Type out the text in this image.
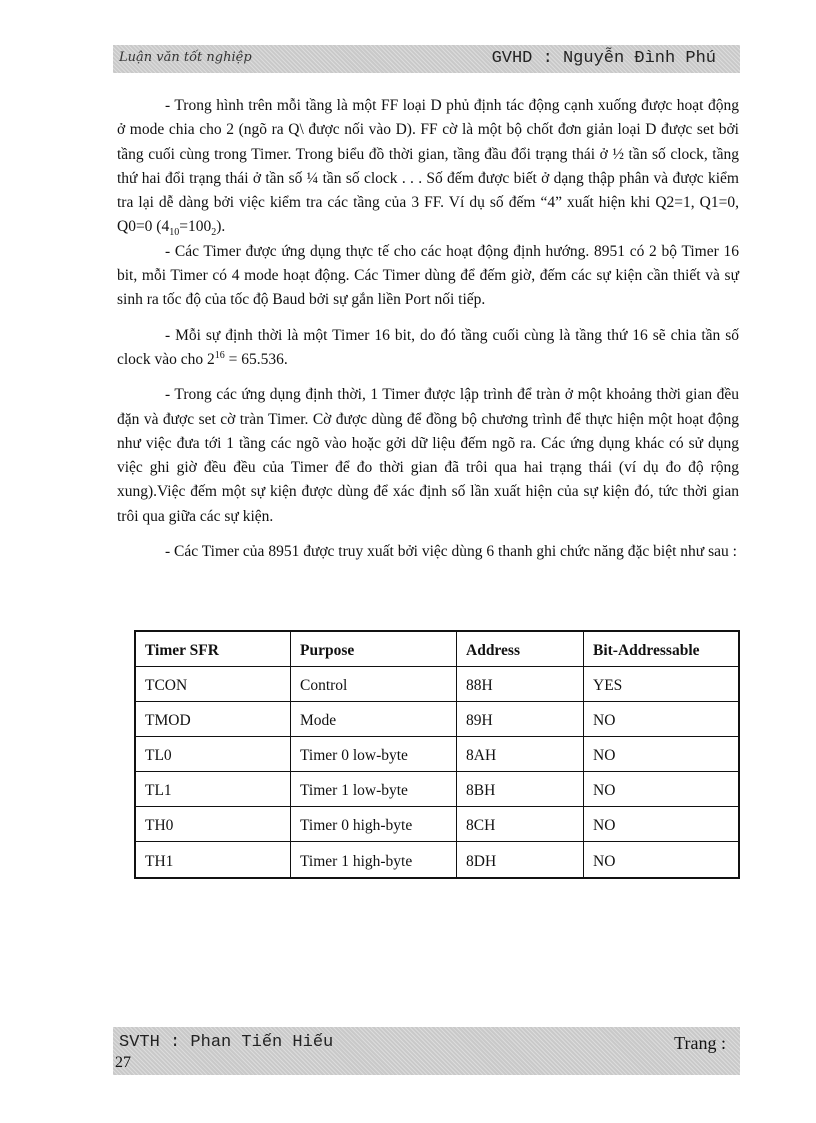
Luận văn tốt nghiệp	GVHD : Nguyễn Đình Phú

- Trong hình trên mỗi tầng là một FF loại D phủ định tác động cạnh xuống được hoạt động ở mode chia cho 2 (ngõ ra Q\ được nối vào D). FF cờ là một bộ chốt đơn giản loại D được set bởi tầng cuối cùng trong Timer. Trong biểu đồ thời gian, tầng đầu đổi trạng thái ở ½ tần số clock, tầng thứ hai đổi trạng thái ở tần số ¼ tần số clock . . . Số đếm được biết ở dạng thập phân và được kiểm tra lại dễ dàng bởi việc kiểm tra các tầng của 3 FF. Ví dụ số đếm “4” xuất hiện khi Q2=1, Q1=0, Q0=0 $(4_{10}=100_2)$.

- Các Timer được ứng dụng thực tế cho các hoạt động định hướng. 8951 có 2 bộ Timer 16 bit, mỗi Timer có 4 mode hoạt động. Các Timer dùng để đếm giờ, đếm các sự kiện cần thiết và sự sinh ra tốc độ của tốc độ Baud bởi sự gắn liền Port nối tiếp.

- Mỗi sự định thời là một Timer 16 bit, do đó tầng cuối cùng là tầng thứ 16 sẽ chia tần số clock vào cho $2^{16} = 65.536$.

- Trong các ứng dụng định thời, 1 Timer được lập trình để tràn ở một khoảng thời gian đều đặn và được set cờ tràn Timer. Cờ được dùng để đồng bộ chương trình để thực hiện một hoạt động như việc đưa tới 1 tầng các ngõ vào hoặc gởi dữ liệu đếm ngõ ra. Các ứng dụng khác có sử dụng việc ghi giờ đều đều của Timer để đo thời gian đã trôi qua hai trạng thái (ví dụ đo độ rộng xung).Việc đếm một sự kiện được dùng để xác định số lần xuất hiện của sự kiện đó, tức thời gian trôi qua giữa các sự kiện.

- Các Timer của 8951 được truy xuất bởi việc dùng 6 thanh ghi chức năng đặc biệt như sau :

Timer SFR	Purpose	Address	Bit-Addressable
TCON	Control	88H	YES
TMOD	Mode	89H	NO
TL0	Timer 0 low-byte	8AH	NO
TL1	Timer 1 low-byte	8BH	NO
TH0	Timer 0 high-byte	8CH	NO
TH1	Timer 1 high-byte	8DH	NO
SVTH : Phan Tiến Hiếu	Trang :
27
